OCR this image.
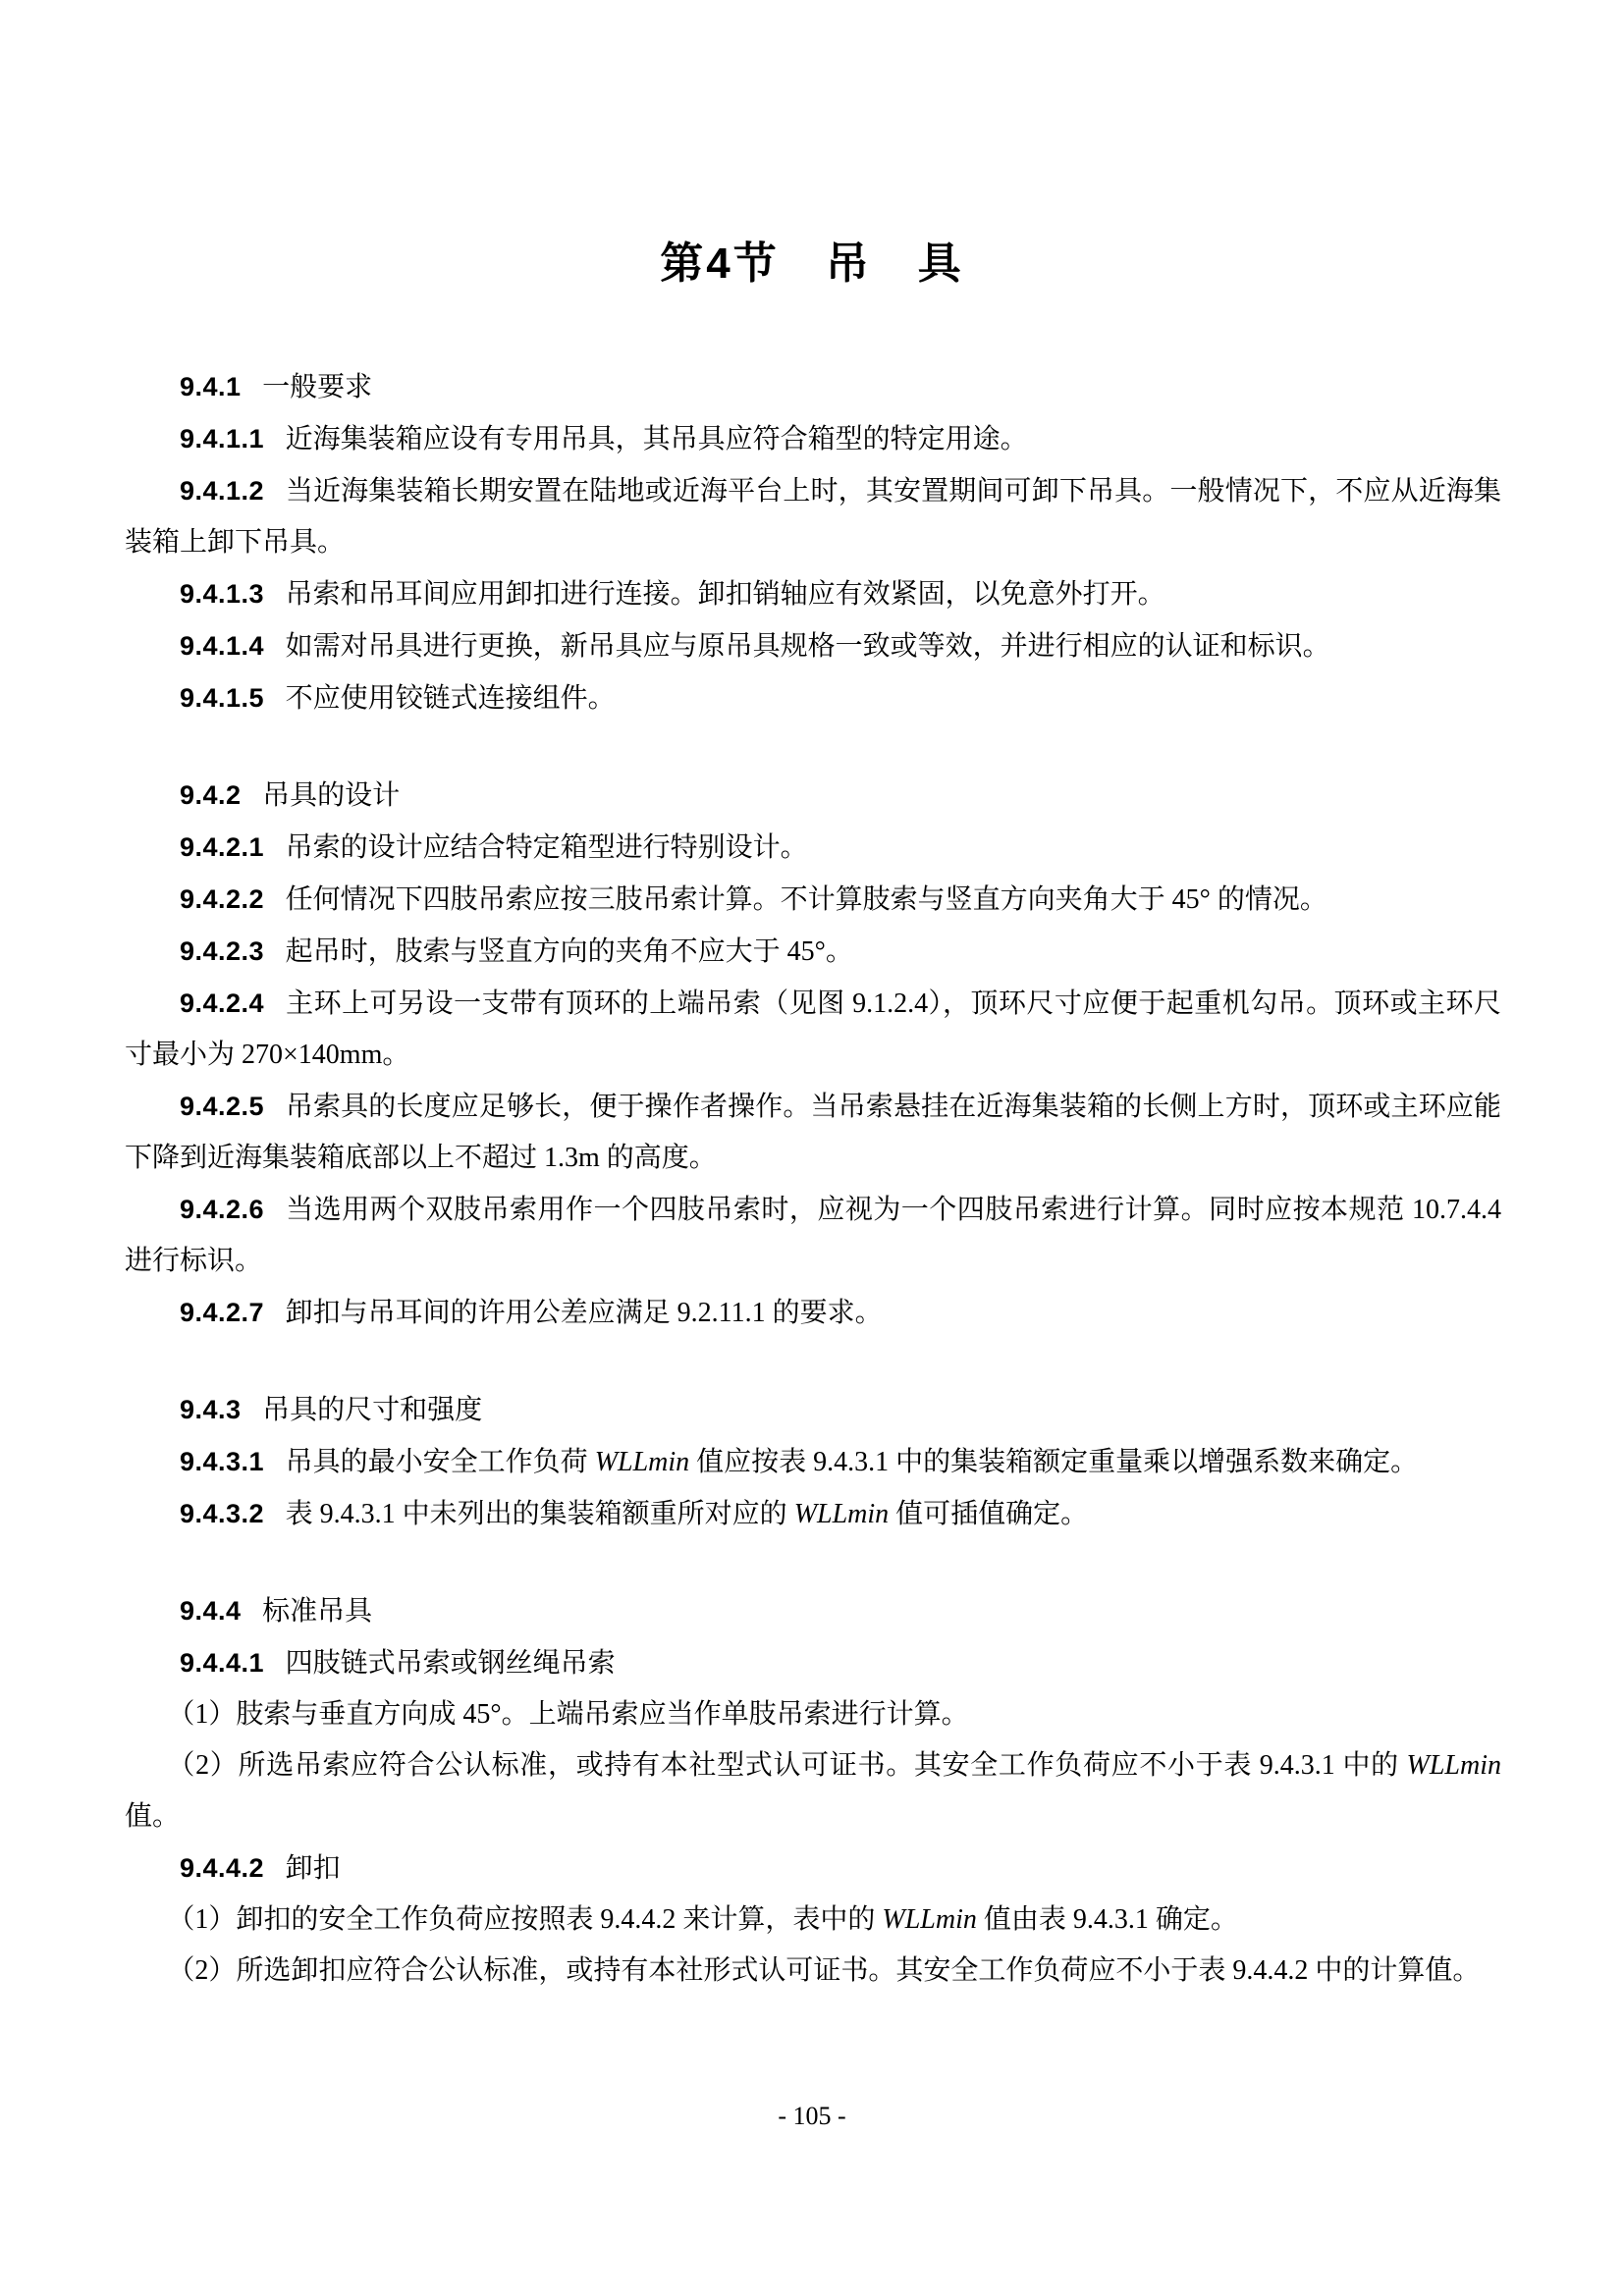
第4节　吊　具

9.4.1 一般要求

9.4.1.1 近海集装箱应设有专用吊具，其吊具应符合箱型的特定用途。

9.4.1.2 当近海集装箱长期安置在陆地或近海平台上时，其安置期间可卸下吊具。一般情况下，不应从近海集装箱上卸下吊具。

9.4.1.3 吊索和吊耳间应用卸扣进行连接。卸扣销轴应有效紧固，以免意外打开。

9.4.1.4 如需对吊具进行更换，新吊具应与原吊具规格一致或等效，并进行相应的认证和标识。

9.4.1.5 不应使用铰链式连接组件。

9.4.2 吊具的设计

9.4.2.1 吊索的设计应结合特定箱型进行特别设计。

9.4.2.2 任何情况下四肢吊索应按三肢吊索计算。不计算肢索与竖直方向夹角大于 45° 的情况。

9.4.2.3 起吊时，肢索与竖直方向的夹角不应大于 45°。

9.4.2.4 主环上可另设一支带有顶环的上端吊索（见图 9.1.2.4），顶环尺寸应便于起重机勾吊。顶环或主环尺寸最小为 270×140mm。

9.4.2.5 吊索具的长度应足够长，便于操作者操作。当吊索悬挂在近海集装箱的长侧上方时，顶环或主环应能下降到近海集装箱底部以上不超过 1.3m 的高度。

9.4.2.6 当选用两个双肢吊索用作一个四肢吊索时，应视为一个四肢吊索进行计算。同时应按本规范 10.7.4.4 进行标识。

9.4.2.7 卸扣与吊耳间的许用公差应满足 9.2.11.1 的要求。

9.4.3 吊具的尺寸和强度

9.4.3.1 吊具的最小安全工作负荷 WLLmin 值应按表 9.4.3.1 中的集装箱额定重量乘以增强系数来确定。

9.4.3.2 表 9.4.3.1 中未列出的集装箱额重所对应的 WLLmin 值可插值确定。

9.4.4 标准吊具

9.4.4.1 四肢链式吊索或钢丝绳吊索

（1）肢索与垂直方向成 45°。上端吊索应当作单肢吊索进行计算。

（2）所选吊索应符合公认标准，或持有本社型式认可证书。其安全工作负荷应不小于表 9.4.3.1 中的 WLLmin 值。

9.4.4.2 卸扣

（1）卸扣的安全工作负荷应按照表 9.4.4.2 来计算，表中的 WLLmin 值由表 9.4.3.1 确定。

（2）所选卸扣应符合公认标准，或持有本社形式认可证书。其安全工作负荷应不小于表 9.4.4.2 中的计算值。

- 105 -
